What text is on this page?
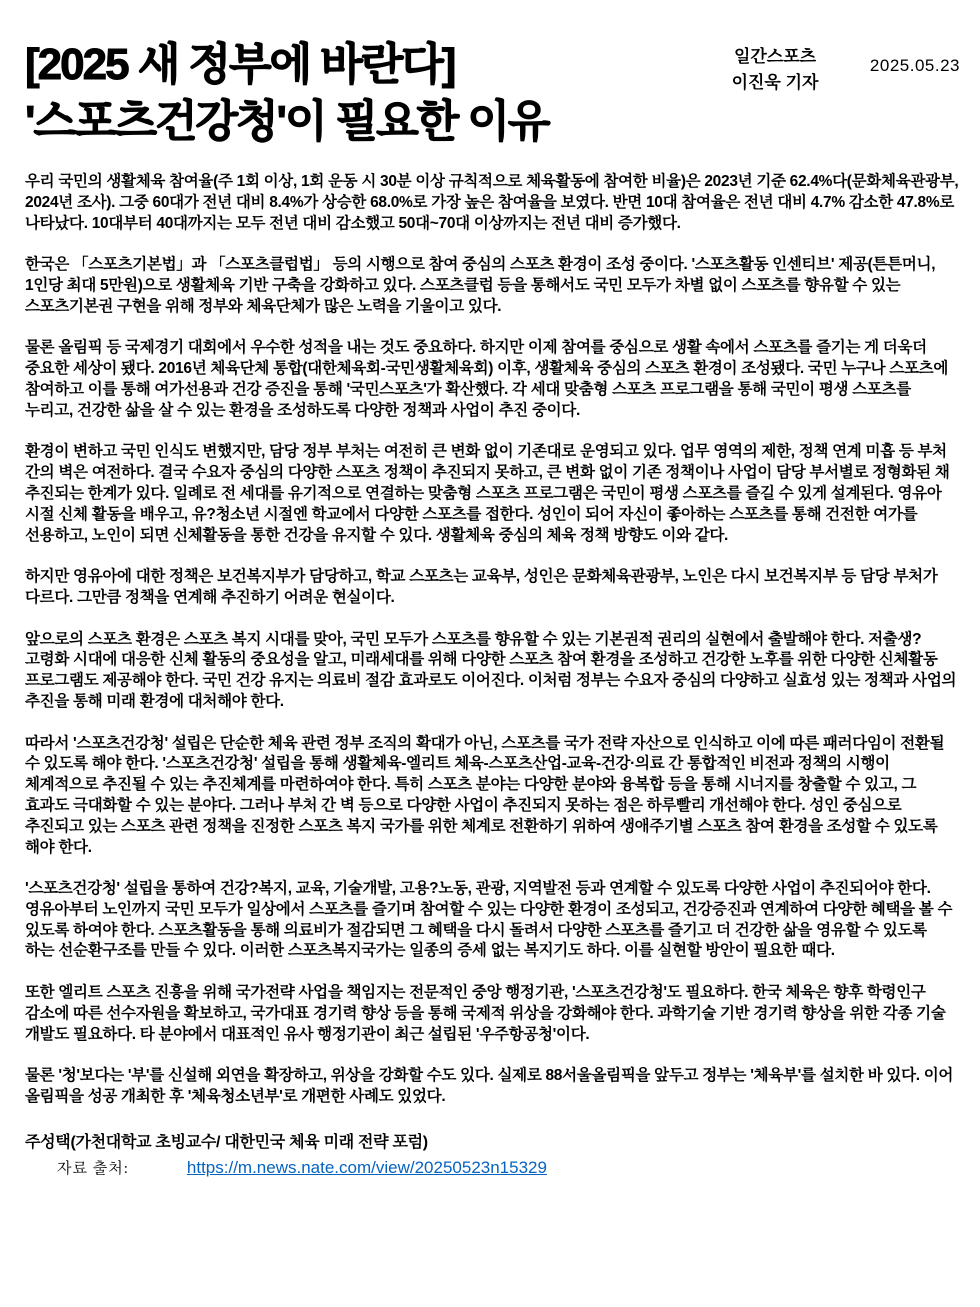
[2025 새 정부에 바란다]
'스포츠건강청'이 필요한 이유
일간스포츠
이진욱 기자
2025.05.23

우리 국민의 생활체육 참여율(주 1회 이상, 1회 운동 시 30분 이상 규칙적으로 체육활동에 참여한 비율)은 2023년 기준 62.4%다(문화체육관광부, 2024년 조사). 그중 60대가 전년 대비 8.4%가 상승한 68.0%로 가장 높은 참여율을 보였다. 반면 10대 참여율은 전년 대비 4.7% 감소한 47.8%로 나타났다. 10대부터 40대까지는 모두 전년 대비 감소했고 50대~70대 이상까지는 전년 대비 증가했다.

한국은 「스포츠기본법」과 「스포츠클럽법」 등의 시행으로 참여 중심의 스포츠 환경이 조성 중이다. '스포츠활동 인센티브' 제공(튼튼머니, 1인당 최대 5만원)으로 생활체육 기반 구축을 강화하고 있다. 스포츠클럽 등을 통해서도 국민 모두가 차별 없이 스포츠를 향유할 수 있는 스포츠기본권 구현을 위해 정부와 체육단체가 많은 노력을 기울이고 있다.

물론 올림픽 등 국제경기 대회에서 우수한 성적을 내는 것도 중요하다. 하지만 이제 참여를 중심으로 생활 속에서 스포츠를 즐기는 게 더욱더 중요한 세상이 됐다. 2016년 체육단체 통합(대한체육회-국민생활체육회) 이후, 생활체육 중심의 스포츠 환경이 조성됐다. 국민 누구나 스포츠에 참여하고 이를 통해 여가선용과 건강 증진을 통해 '국민스포츠'가 확산했다. 각 세대 맞춤형 스포츠 프로그램을 통해 국민이 평생 스포츠를 누리고, 건강한 삶을 살 수 있는 환경을 조성하도록 다양한 정책과 사업이 추진 중이다.

환경이 변하고 국민 인식도 변했지만, 담당 정부 부처는 여전히 큰 변화 없이 기존대로 운영되고 있다. 업무 영역의 제한, 정책 연계 미흡 등 부처 간의 벽은 여전하다. 결국 수요자 중심의 다양한 스포츠 정책이 추진되지 못하고, 큰 변화 없이 기존 정책이나 사업이 담당 부서별로 정형화된 채 추진되는 한계가 있다. 일례로 전 세대를 유기적으로 연결하는 맞춤형 스포츠 프로그램은 국민이 평생 스포츠를 즐길 수 있게 설계된다. 영유아 시절 신체 활동을 배우고, 유?청소년 시절엔 학교에서 다양한 스포츠를 접한다. 성인이 되어 자신이 좋아하는 스포츠를 통해 건전한 여가를 선용하고, 노인이 되면 신체활동을 통한 건강을 유지할 수 있다. 생활체육 중심의 체육 정책 방향도 이와 같다.

하지만 영유아에 대한 정책은 보건복지부가 담당하고, 학교 스포츠는 교육부, 성인은 문화체육관광부, 노인은 다시 보건복지부 등 담당 부처가 다르다. 그만큼 정책을 연계해 추진하기 어려운 현실이다.

앞으로의 스포츠 환경은 스포츠 복지 시대를 맞아, 국민 모두가 스포츠를 향유할 수 있는 기본권적 권리의 실현에서 출발해야 한다. 저출생?고령화 시대에 대응한 신체 활동의 중요성을 알고, 미래세대를 위해 다양한 스포츠 참여 환경을 조성하고 건강한 노후를 위한 다양한 신체활동 프로그램도 제공해야 한다. 국민 건강 유지는 의료비 절감 효과로도 이어진다. 이처럼 정부는 수요자 중심의 다양하고 실효성 있는 정책과 사업의 추진을 통해 미래 환경에 대처해야 한다.

따라서 '스포츠건강청' 설립은 단순한 체육 관련 정부 조직의 확대가 아닌, 스포츠를 국가 전략 자산으로 인식하고 이에 따른 패러다임이 전환될 수 있도록 해야 한다. '스포츠건강청' 설립을 통해 생활체육-엘리트 체육-스포츠산업-교육-건강·의료 간 통합적인 비전과 정책의 시행이 체계적으로 추진될 수 있는 추진체계를 마련하여야 한다. 특히 스포츠 분야는 다양한 분야와 융복합 등을 통해 시너지를 창출할 수 있고, 그 효과도 극대화할 수 있는 분야다. 그러나 부처 간 벽 등으로 다양한 사업이 추진되지 못하는 점은 하루빨리 개선해야 한다. 성인 중심으로 추진되고 있는 스포츠 관련 정책을 진정한 스포츠 복지 국가를 위한 체계로 전환하기 위하여 생애주기별 스포츠 참여 환경을 조성할 수 있도록 해야 한다.

'스포츠건강청' 설립을 통하여 건강?복지, 교육, 기술개발, 고용?노동, 관광, 지역발전 등과 연계할 수 있도록 다양한 사업이 추진되어야 한다. 영유아부터 노인까지 국민 모두가 일상에서 스포츠를 즐기며 참여할 수 있는 다양한 환경이 조성되고, 건강증진과 연계하여 다양한 혜택을 볼 수 있도록 하여야 한다. 스포츠활동을 통해 의료비가 절감되면 그 혜택을 다시 돌려서 다양한 스포츠를 즐기고 더 건강한 삶을 영유할 수 있도록 하는 선순환구조를 만들 수 있다. 이러한 스포츠복지국가는 일종의 증세 없는 복지기도 하다. 이를 실현할 방안이 필요한 때다.

또한 엘리트 스포츠 진흥을 위해 국가전략 사업을 책임지는 전문적인 중앙 행정기관, '스포츠건강청'도 필요하다. 한국 체육은 향후 학령인구 감소에 따른 선수자원을 확보하고, 국가대표 경기력 향상 등을 통해 국제적 위상을 강화해야 한다. 과학기술 기반 경기력 향상을 위한 각종 기술 개발도 필요하다. 타 분야에서 대표적인 유사 행정기관이 최근 설립된 '우주항공청'이다.

물론 '청'보다는 '부'를 신설해 외연을 확장하고, 위상을 강화할 수도 있다. 실제로 88서울올림픽을 앞두고 정부는 '체육부'를 설치한 바 있다. 이어 올림픽을 성공 개최한 후 '체육청소년부'로 개편한 사례도 있었다.

주성택(가천대학교 초빙교수/ 대한민국 체육 미래 전략 포럼)
자료 출처:	https://m.news.nate.com/view/20250523n15329
